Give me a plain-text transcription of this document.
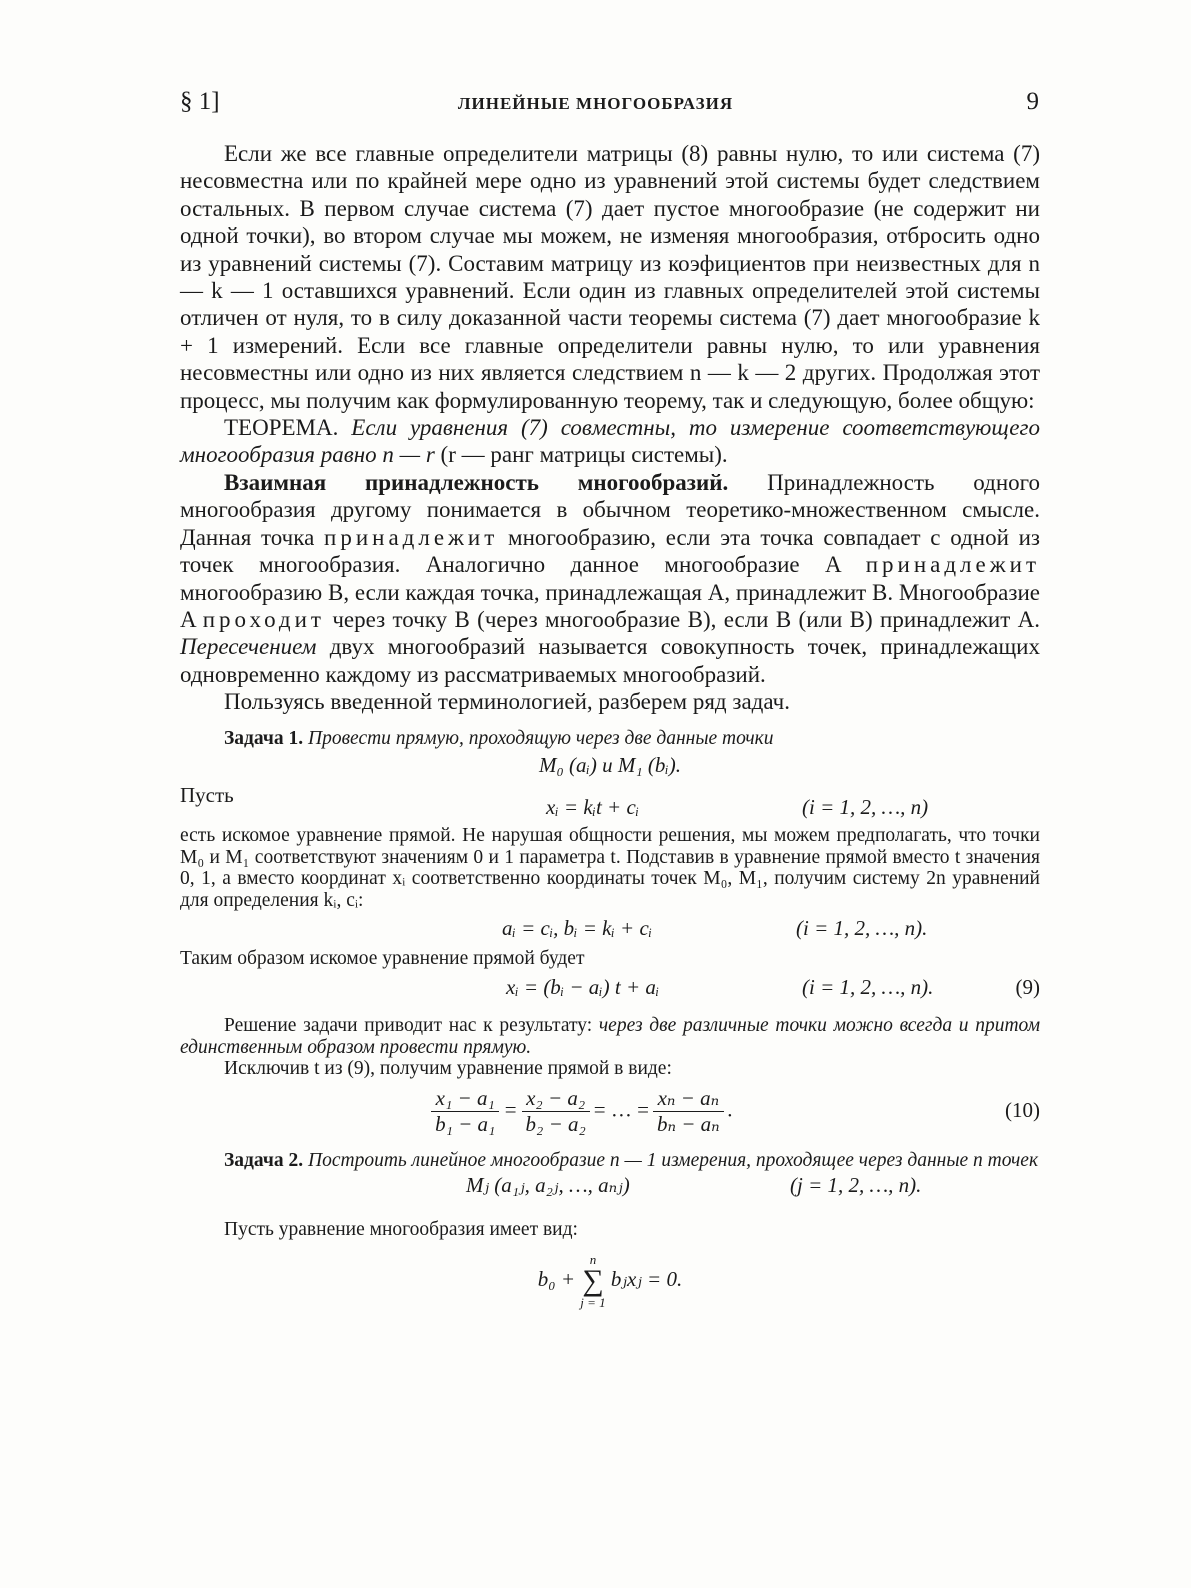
§ 1]	ЛИНЕЙНЫЕ МНОГООБРАЗИЯ	9

Если же все главные определители матрицы (8) равны нулю, то или система (7) несовместна или по крайней мере одно из уравнений этой системы будет следствием остальных. В первом случае система (7) дает пустое многообразие (не содержит ни одной точки), во втором случае мы можем, не изменяя многообразия, отбросить одно из уравнений системы (7). Составим матрицу из коэфициентов при неизвестных для n — k — 1 оставшихся уравнений. Если один из главных определителей этой системы отличен от нуля, то в силу доказанной части теоремы система (7) дает многообразие k + 1 измерений. Если все главные определители равны нулю, то или уравнения несовместны или одно из них является следствием n — k — 2 других. Продолжая этот процесс, мы получим как формулированную теорему, так и следующую, более общую:

ТЕОРЕМА. Если уравнения (7) совместны, то измерение соответствующего многообразия равно n — r (r — ранг матрицы системы).

Взаимная принадлежность многообразий. Принадлежность одного многообразия другому понимается в обычном теоретико-множественном смысле. Данная точка принадлежит многообразию, если эта точка совпадает с одной из точек многообразия. Аналогично данное многообразие A принадлежит многообразию B, если каждая точка, принадлежащая A, принадлежит B. Многообразие A проходит через точку B (через многообразие B), если B (или B) принадлежит A. Пересечением двух многообразий называется совокупность точек, принадлежащих одновременно каждому из рассматриваемых многообразий.

Пользуясь введенной терминологией, разберем ряд задач.

Задача 1. Провести прямую, проходящую через две данные точки

M₀ (aᵢ) и M₁ (bᵢ).
Пусть	xᵢ = kᵢt + cᵢ	(i = 1, 2, …, n)

есть искомое уравнение прямой. Не нарушая общности решения, мы можем предполагать, что точки M₀ и M₁ соответствуют значениям 0 и 1 параметра t. Подставив в уравнение прямой вместо t значения 0, 1, а вместо координат xᵢ соответственно координаты точек M₀, M₁, получим систему 2n уравнений для определения kᵢ, cᵢ:

aᵢ = cᵢ, bᵢ = kᵢ + cᵢ	(i = 1, 2, …, n).

Таким образом искомое уравнение прямой будет

xᵢ = (bᵢ − aᵢ) t + aᵢ	(i = 1, 2, …, n).	(9)

Решение задачи приводит нас к результату: через две различные точки можно всегда и притом единственным образом провести прямую.

Исключив t из (9), получим уравнение прямой в виде:

$\frac{\text{x₁ − a₁}}{\text{b₁ − a₁}} = \frac{\text{x₂ − a₂}}{\text{b₂ − a₂}}$ = … = $\frac{\text{xₙ − aₙ}}{\text{bₙ − aₙ}}$ .	(10)

Задача 2. Построить линейное многообразие n — 1 измерения, проходящее через данные n точек

Mⱼ (a₁ⱼ, a₂ⱼ, …, aₙⱼ)	(j = 1, 2, …, n).

Пусть уравнение многообразия имеет вид:

b₀ +
n
∑
j = 1
bⱼxⱼ = 0.
